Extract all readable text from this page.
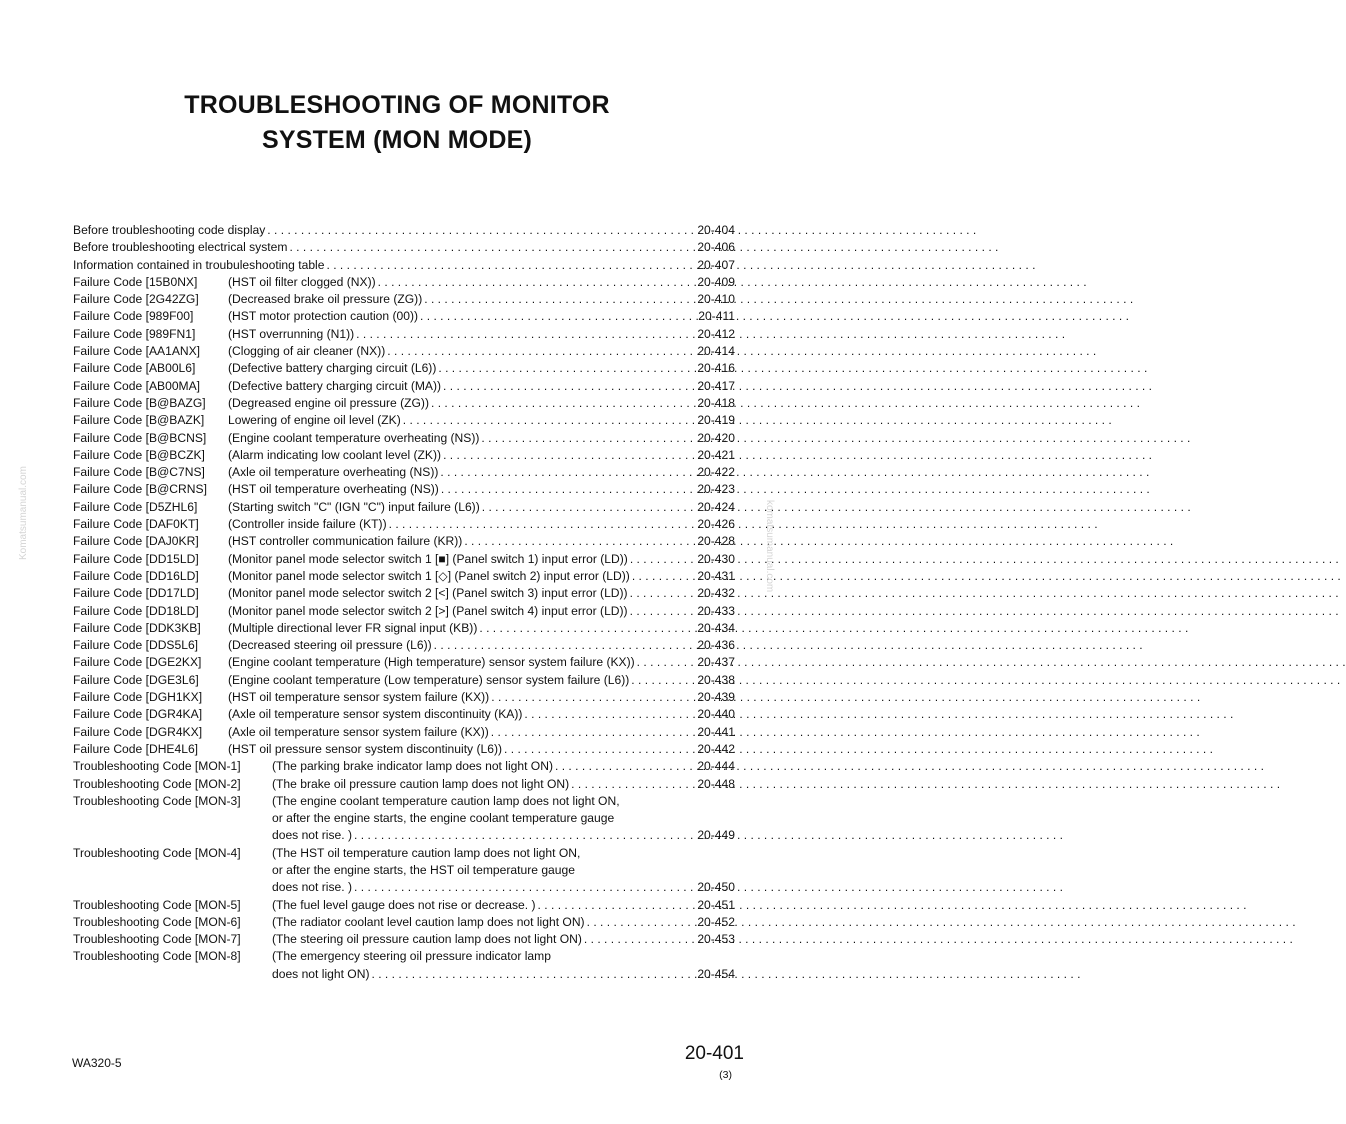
TROUBLESHOOTING OF MONITOR
SYSTEM (MON MODE)
Before troubleshooting code display . . .	20-404
Before troubleshooting electrical system . . .	20-406
Information contained in troubuleshooting table . . .	20-407
Failure Code [15B0NX]	(HST oil filter clogged (NX)) . . .	20-409
Failure Code [2G42ZG]	(Decreased brake oil pressure (ZG)) . . .	20-410
Failure Code [989F00]	(HST motor protection caution (00)) . . .	20-411
Failure Code [989FN1]	(HST overrunning (N1)) . . .	20-412
Failure Code [AA1ANX]	(Clogging of air cleaner (NX)) . . .	20-414
Failure Code [AB00L6]	(Defective battery charging circuit (L6)) . . .	20-416
Failure Code [AB00MA]	(Defective battery charging circuit (MA)) . . .	20-417
Failure Code [B@BAZG]	(Degreased engine oil pressure (ZG)) . . .	20-418
Failure Code [B@BAZK]	Lowering of engine oil level (ZK) . . .	20-419
Failure Code [B@BCNS]	(Engine coolant temperature overheating (NS)) . . .	20-420
Failure Code [B@BCZK]	(Alarm indicating low coolant level (ZK)) . . .	20-421
Failure Code [B@C7NS]	(Axle oil temperature overheating (NS)) . . .	20-422
Failure Code [B@CRNS]	(HST oil temperature overheating (NS)) . . .	20-423
Failure Code [D5ZHL6]	(Starting switch "C" (IGN "C") input failure (L6)) . . .	20-424
Failure Code [DAF0KT]	(Controller inside failure (KT)) . . .	20-426
Failure Code [DAJ0KR]	(HST controller communication failure (KR)) . . .	20-428
Failure Code [DD15LD]	(Monitor panel mode selector switch 1 [■] (Panel switch 1) input error (LD)) . . .	20-430
Failure Code [DD16LD]	(Monitor panel mode selector switch 1 [◇] (Panel switch 2) input error (LD)) . . .	20-431
Failure Code [DD17LD]	(Monitor panel mode selector switch 2 [<] (Panel switch 3) input error (LD)) . . .	20-432
Failure Code [DD18LD]	(Monitor panel mode selector switch 2 [>] (Panel switch 4) input error (LD)) . . .	20-433
Failure Code [DDK3KB]	(Multiple directional lever FR signal input (KB)) . . .	20-434
Failure Code [DDS5L6]	(Decreased steering oil pressure (L6)) . . .	20-436
Failure Code [DGE2KX]	(Engine coolant temperature (High temperature) sensor system failure (KX)) . . .	20-437
Failure Code [DGE3L6]	(Engine coolant temperature (Low temperature) sensor system failure (L6)) . . .	20-438
Failure Code [DGH1KX]	(HST oil temperature sensor system failure (KX)) . . .	20-439
Failure Code [DGR4KA]	(Axle oil temperature sensor system discontinuity (KA)) . . .	20-440
Failure Code [DGR4KX]	(Axle oil temperature sensor system failure (KX)) . . .	20-441
Failure Code [DHE4L6]	(HST oil pressure sensor system discontinuity (L6)) . . .	20-442
Troubleshooting Code [MON-1]	(The parking brake indicator lamp does not light ON) . . .	20-444
Troubleshooting Code [MON-2]	(The brake oil pressure caution lamp does not light ON) . . .	20-448
Troubleshooting Code [MON-3]	(The engine coolant temperature caution lamp does not light ON,
or after the engine starts, the engine coolant temperature gauge
does not rise. ) . . .	20-449
Troubleshooting Code [MON-4]	(The HST oil temperature caution lamp does not light ON,
or after the engine starts, the HST oil temperature gauge
does not rise. ) . . .	20-450
Troubleshooting Code [MON-5]	(The fuel level gauge does not rise or decrease. ) . . .	20-451
Troubleshooting Code [MON-6]	(The radiator coolant level caution lamp does not light ON) . . .	20-452
Troubleshooting Code [MON-7]	(The steering oil pressure caution lamp does not light ON) . . .	20-453
Troubleshooting Code [MON-8]	(The emergency steering oil pressure indicator lamp
does not light ON) . . .	20-454
WA320-5	20-401
(3)
Komatsumanual.com	komatsumanual.com
